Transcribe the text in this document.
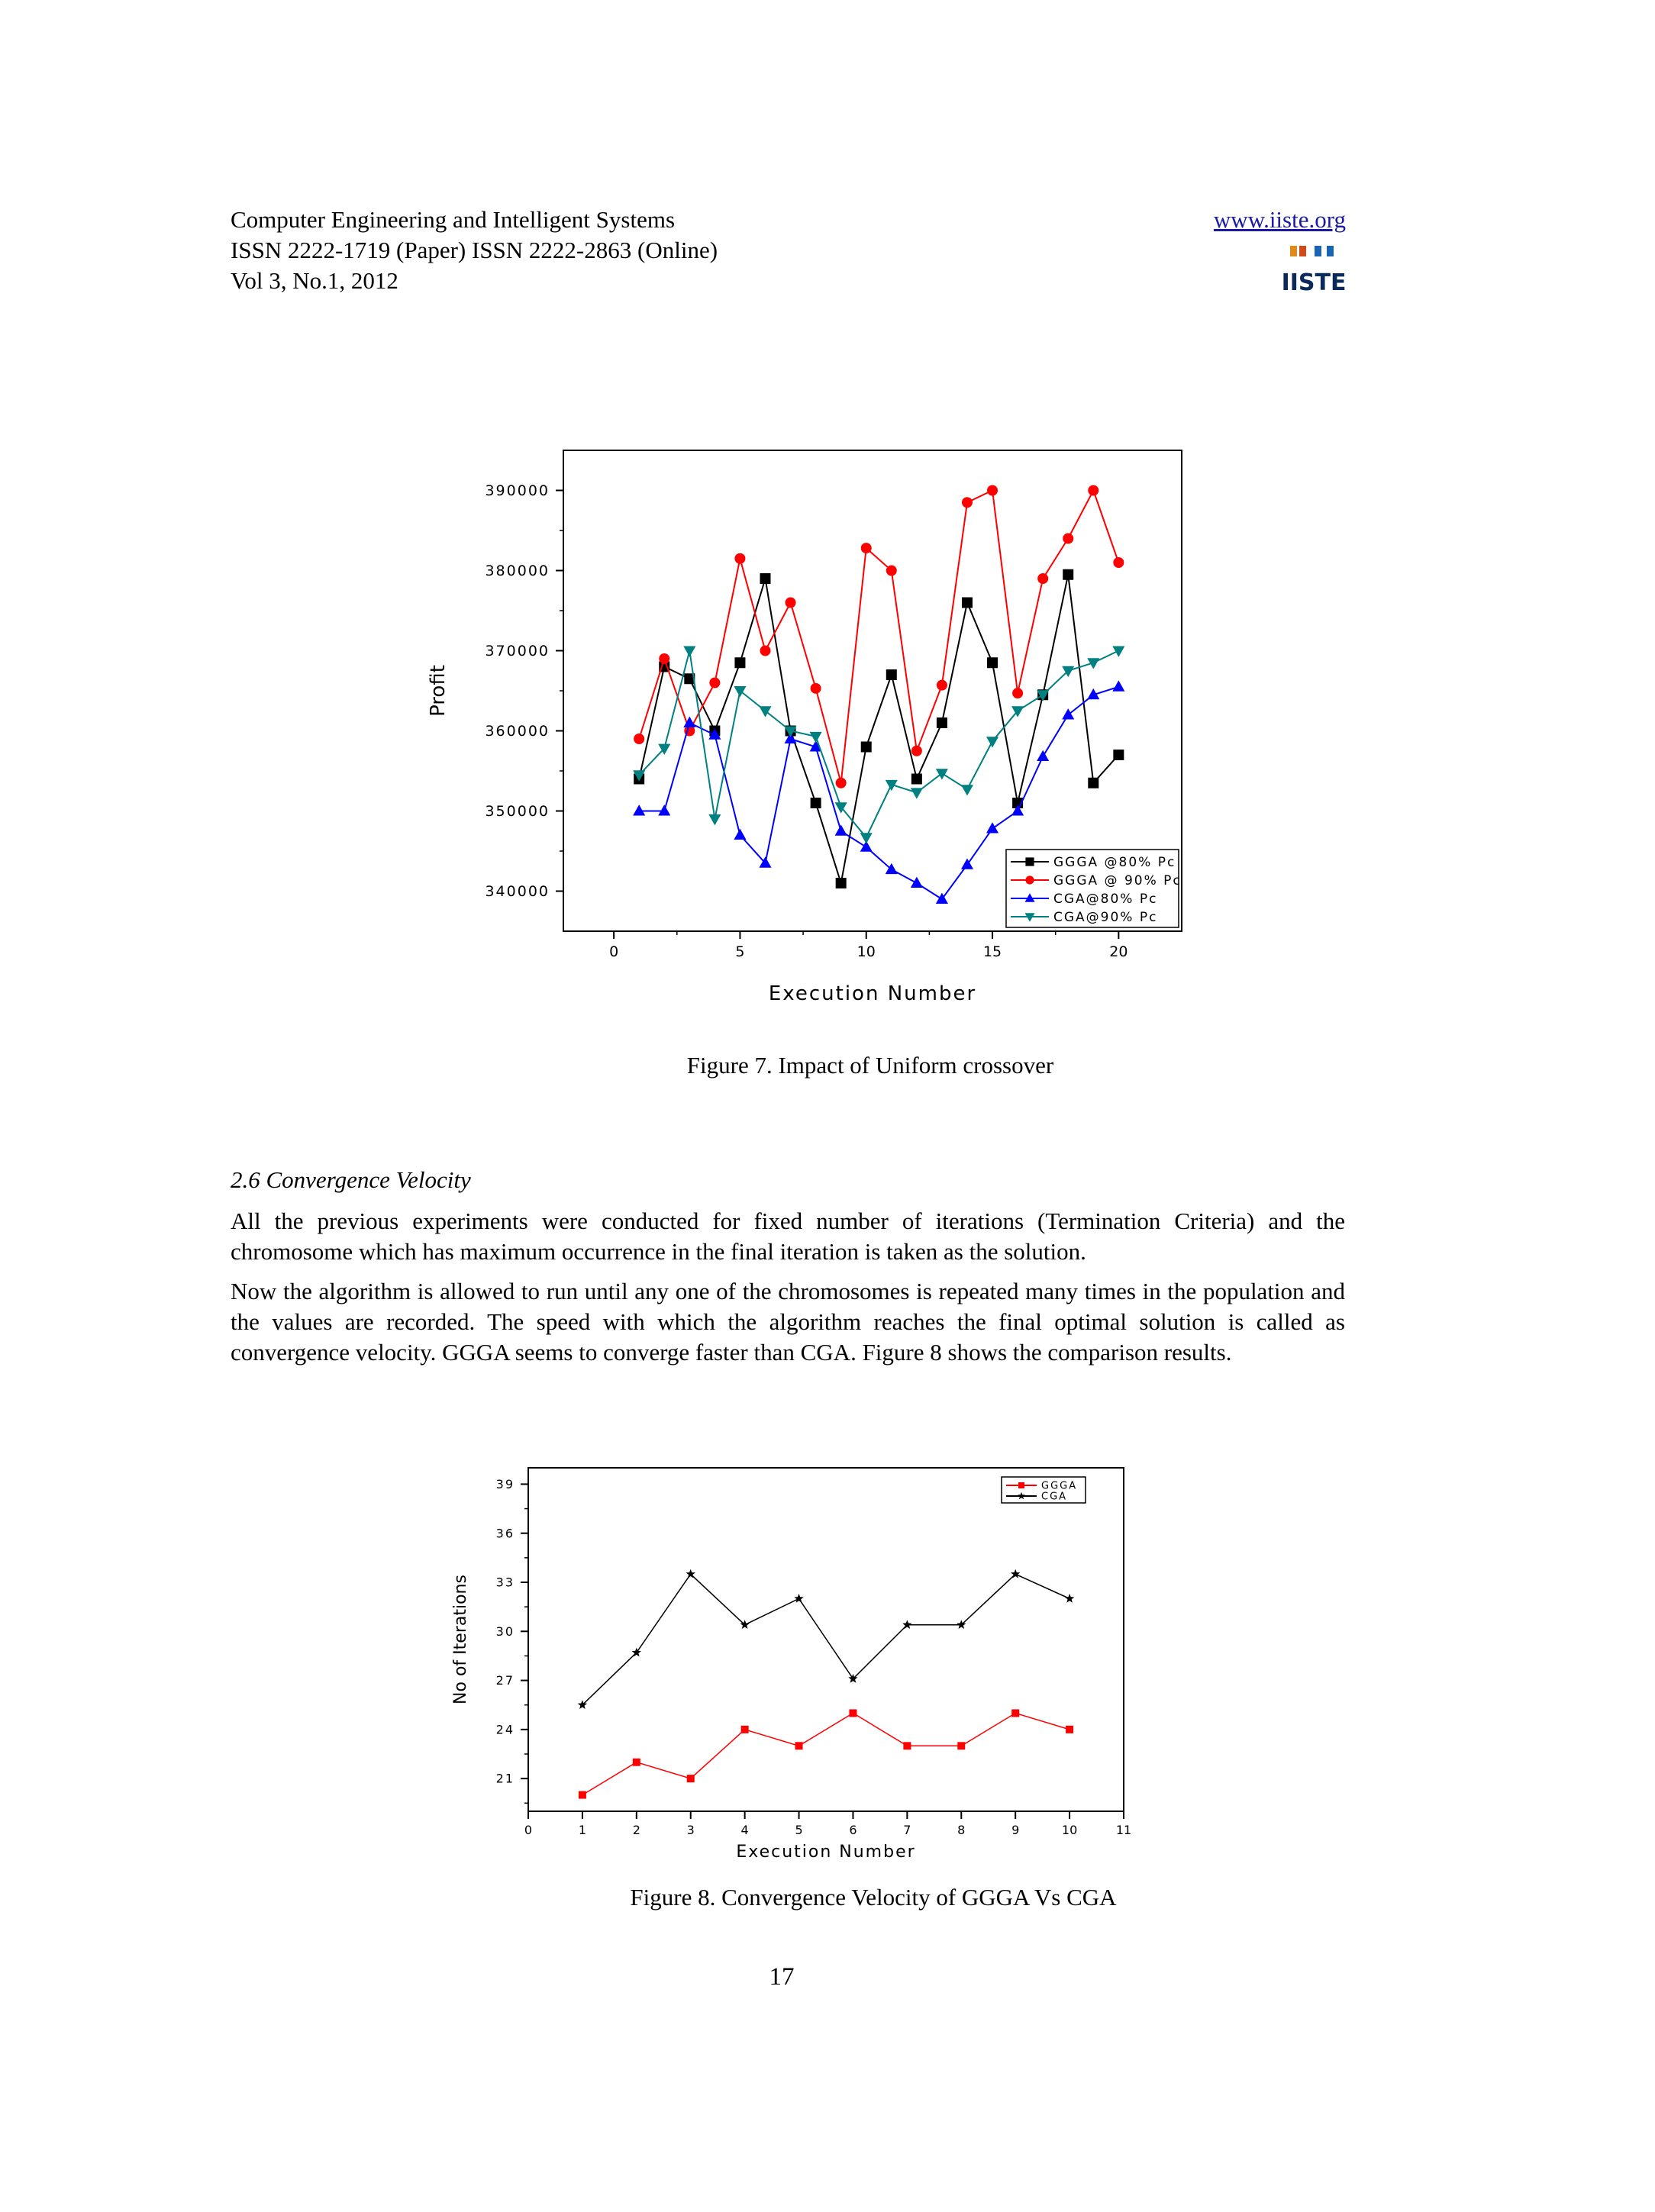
Computer Engineering and Intelligent Systems
ISSN 2222-1719 (Paper) ISSN 2222-2863 (Online)
Vol 3, No.1, 2012
www.iiste.org
IISTE
340000
350000
360000
370000
380000
390000
0	5	10	15	20
Execution Number
Profit
GGGA @80% Pc
GGGA @ 90% Pc
CGA@80% Pc
CGA@90% Pc
Figure 7. Impact of Uniform crossover
2.6 Convergence Velocity
All the previous experiments were conducted for fixed number of iterations (Termination Criteria) and the chromosome which has maximum occurrence in the final iteration is taken as the solution.
Now the algorithm is allowed to run until any one of the chromosomes is repeated many times in the population and the values are recorded. The speed with which the algorithm reaches the final optimal solution is called as convergence velocity. GGGA seems to converge faster than CGA. Figure 8 shows the comparison results.
21
24
27
30
33
36
39
0	1	2	3	4	5	6	7	8	9	10	11
Execution Number
No of Iterations
GGGA
CGA
Figure 8. Convergence Velocity of GGGA Vs CGA
17
